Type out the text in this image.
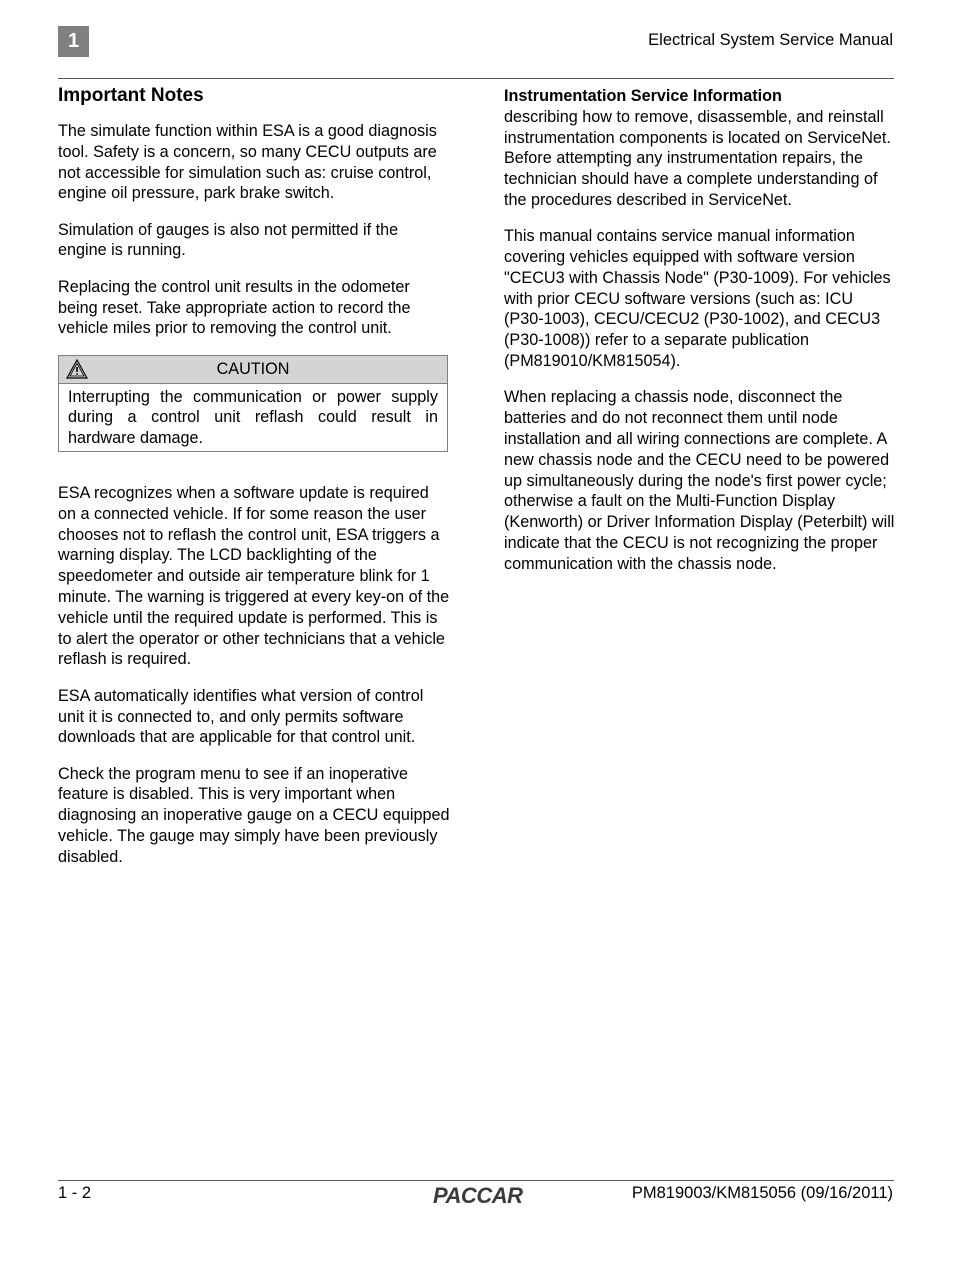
1	Electrical System Service Manual
Important Notes

The simulate function within ESA is a good diagnosis tool. Safety is a concern, so many CECU outputs are not accessible for simulation such as: cruise control, engine oil pressure, park brake switch.

Simulation of gauges is also not permitted if the engine is running.

Replacing the control unit results in the odometer being reset. Take appropriate action to record the vehicle miles prior to removing the control unit.

CAUTION
Interrupting the communication or power supply during a control unit reflash could result in hardware damage.

ESA recognizes when a software update is required on a connected vehicle. If for some reason the user chooses not to reflash the control unit, ESA triggers a warning display. The LCD backlighting of the speedometer and outside air temperature blink for 1 minute. The warning is triggered at every key-on of the vehicle until the required update is performed. This is to alert the operator or other technicians that a vehicle reflash is required.

ESA automatically identifies what version of control unit it is connected to, and only permits software downloads that are applicable for that control unit.

Check the program menu to see if an inoperative feature is disabled. This is very important when diagnosing an inoperative gauge on a CECU equipped vehicle. The gauge may simply have been previously disabled.

Instrumentation Service Information
describing how to remove, disassemble, and reinstall instrumentation components is located on ServiceNet. Before attempting any instrumentation repairs, the technician should have a complete understanding of the procedures described in ServiceNet.

This manual contains service manual information covering vehicles equipped with software version "CECU3 with Chassis Node" (P30-1009). For vehicles with prior CECU software versions (such as: ICU (P30-1003), CECU/CECU2 (P30-1002), and CECU3 (P30-1008)) refer to a separate publication (PM819010/KM815054).

When replacing a chassis node, disconnect the batteries and do not reconnect them until node installation and all wiring connections are complete. A new chassis node and the CECU need to be powered up simultaneously during the node's first power cycle; otherwise a fault on the Multi-Function Display (Kenworth) or Driver Information Display (Peterbilt) will indicate that the CECU is not recognizing the proper communication with the chassis node.

1 - 2	PACCAR	PM819003/KM815056 (09/16/2011)
